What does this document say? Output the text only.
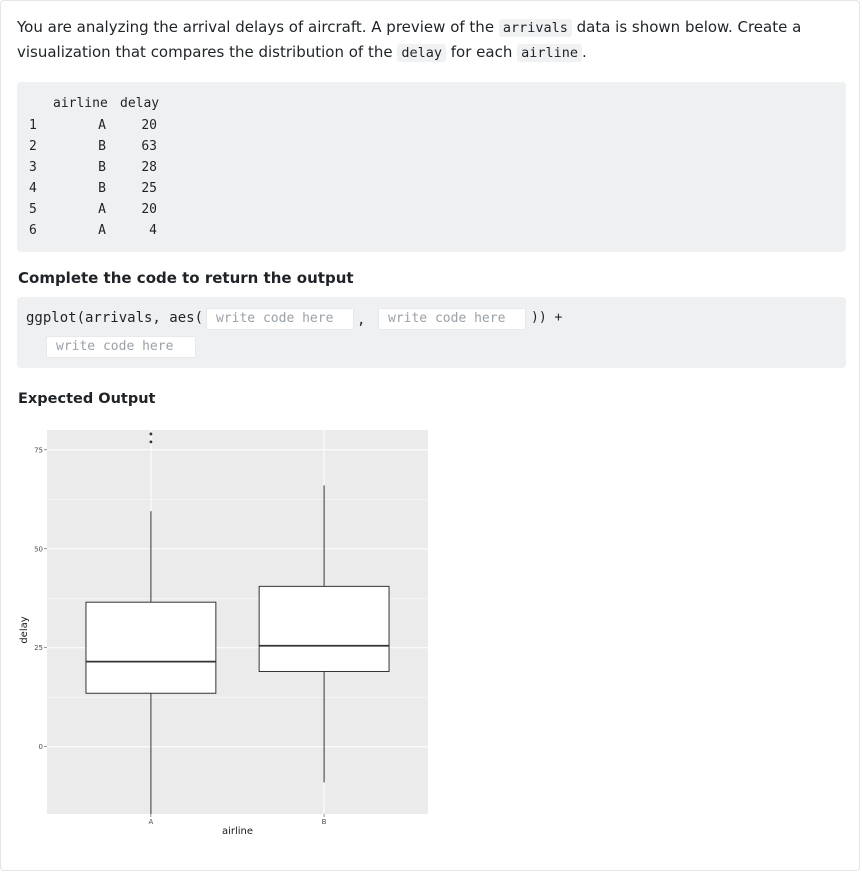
You are analyzing the arrival delays of aircraft. A preview of the arrivals data is shown below. Create a visualization that compares the distribution of the delay for each airline .
airline delay
1	A	20
2	B	63
3	B	28
4	B	25
5	A	20
6	A	4
Complete the code to return the output
ggplot(arrivals, aes( write code here	,	write code here	)) +
write code here
Expected Output
0
25
50
75
A	B
airline
delay
